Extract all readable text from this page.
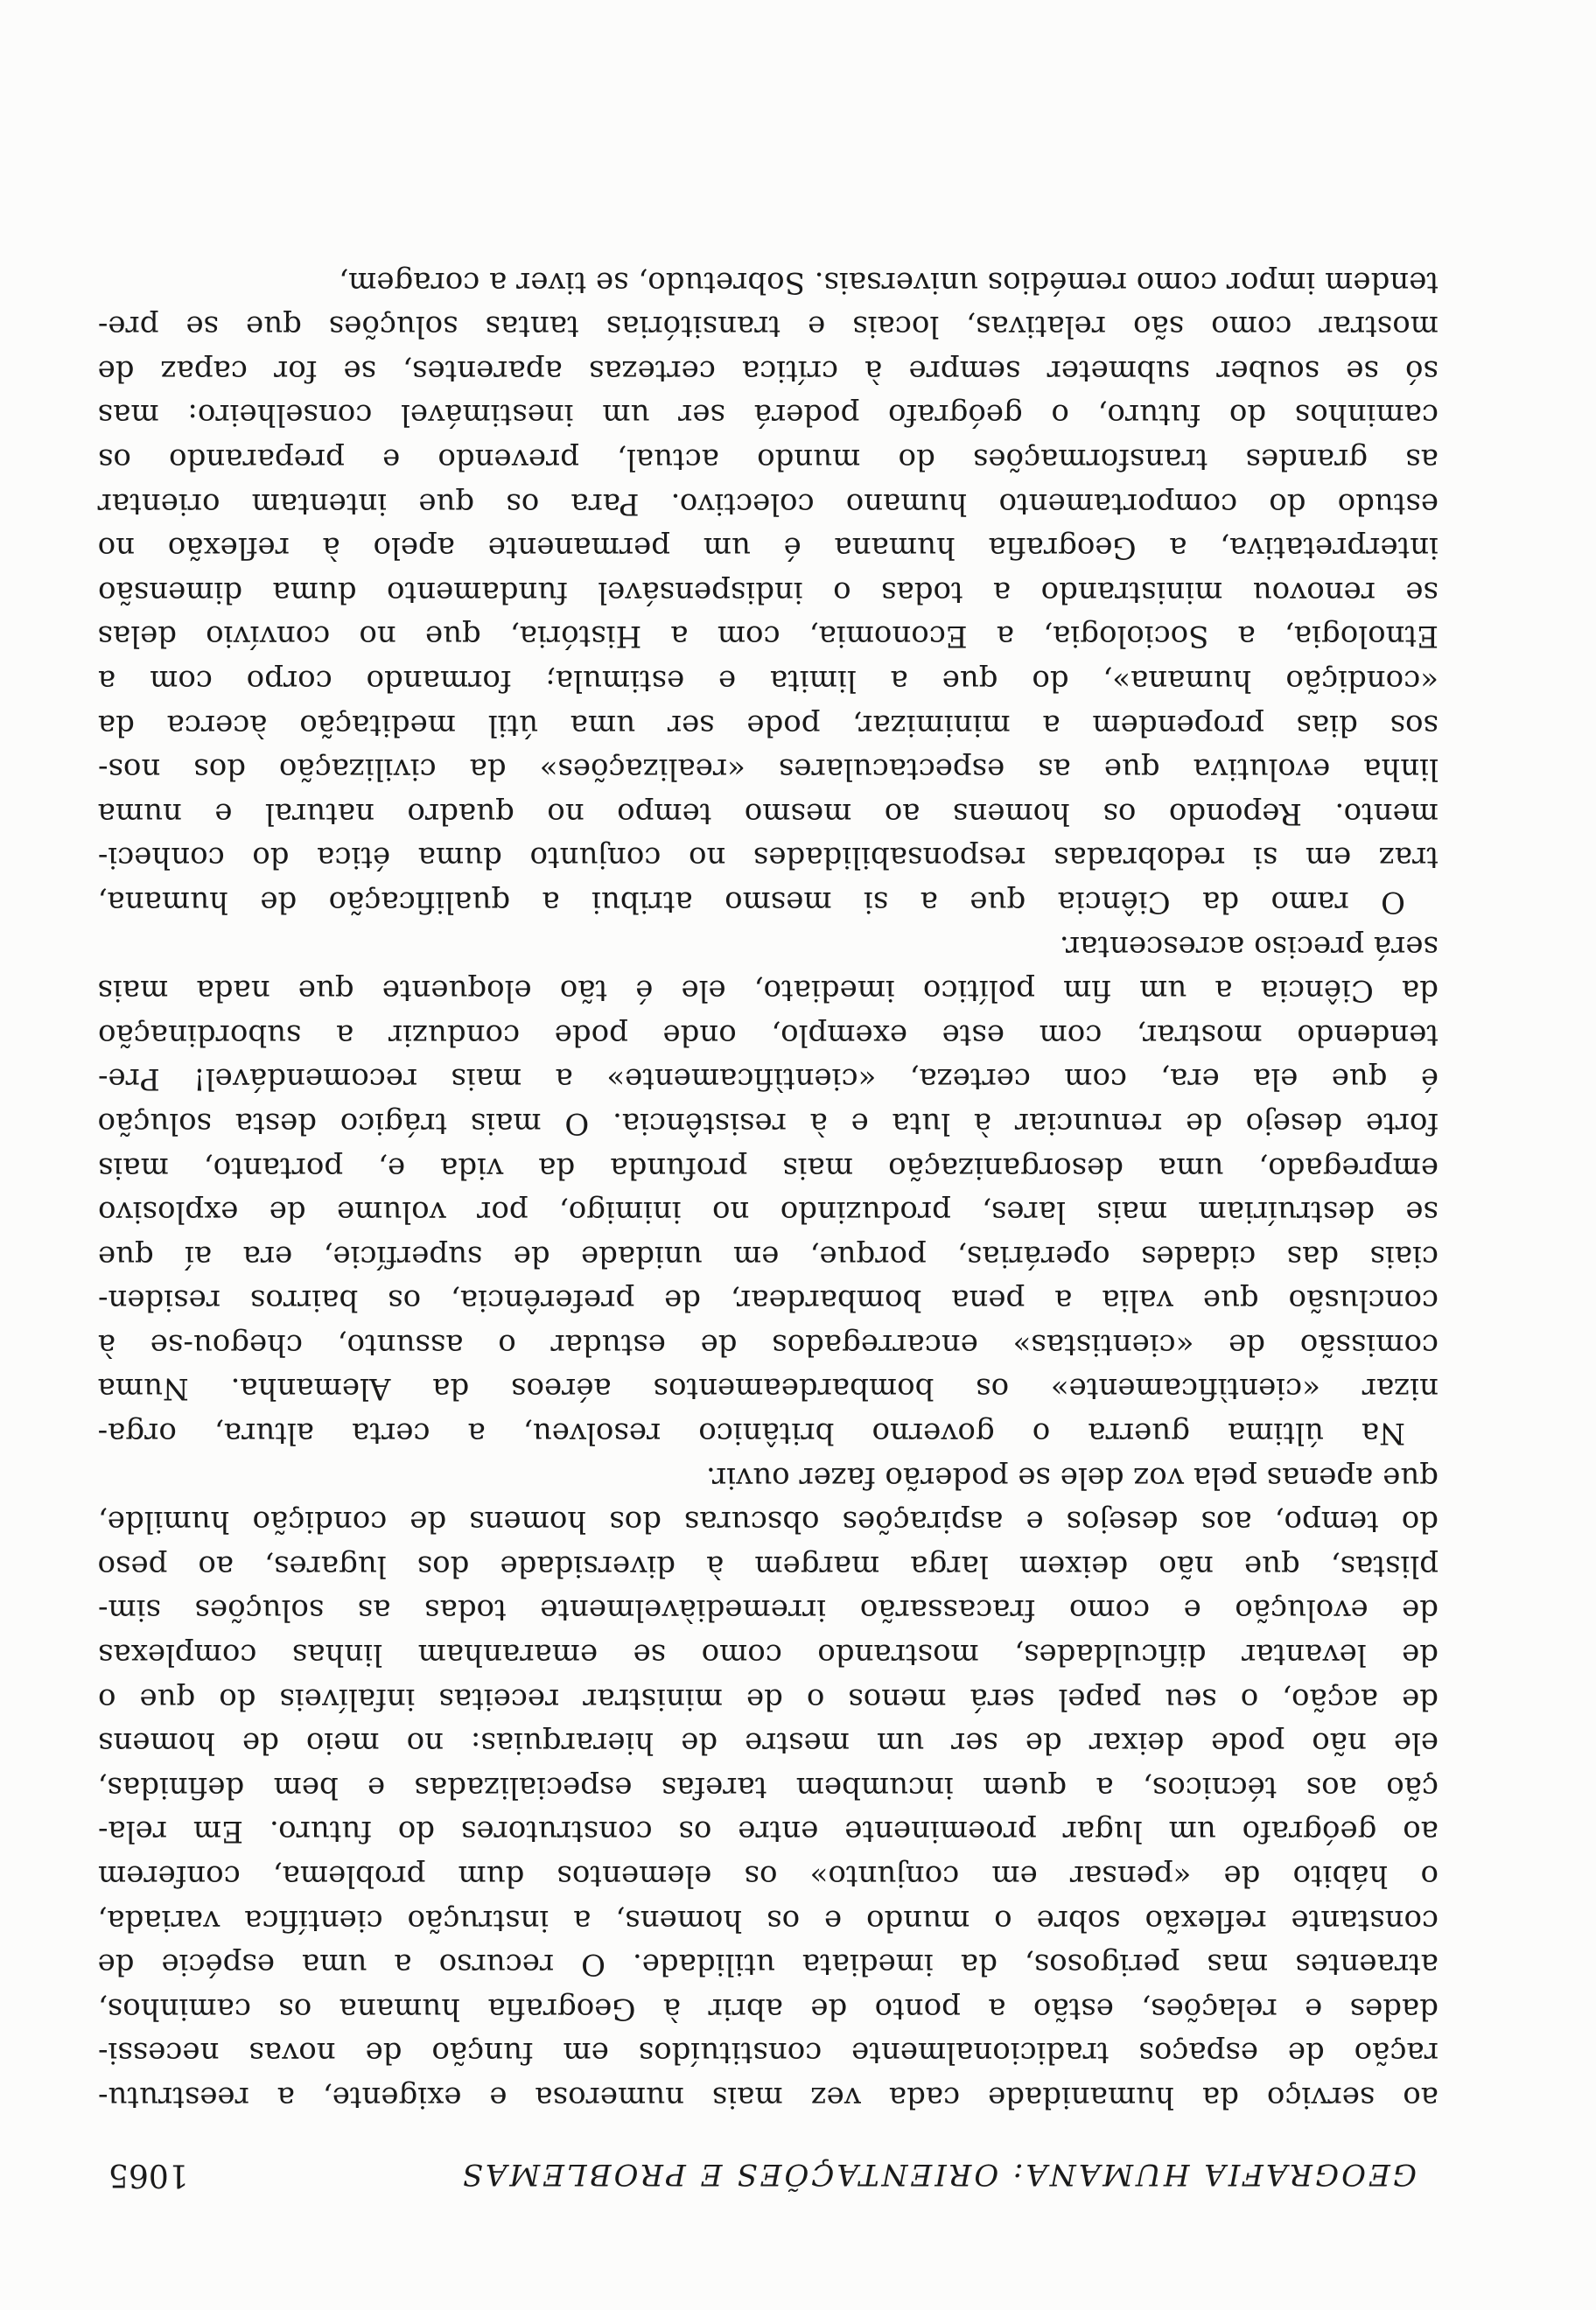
GEOGRAFIA HUMANA: ORIENTAÇÕES E PROBLEMAS
1065
ao serviço da humanidade cada vez mais numerosa e exigente, a reestrutu-
ração de espaços tradicionalmente constituídos em função de novas necessi-
dades e relações, estão a ponto de abrir à Geografia humana os caminhos,
atraentes mas perigosos, da imediata utilidade. O recurso a uma espécie de
constante reflexão sobre o mundo e os homens, a instrução científica variada,
o hábito de «pensar em conjunto» os elementos dum problema, conferem
ao geógrafo um lugar proeminente entre os construtores do futuro. Em rela-
ção aos técnicos, a quem incumbem tarefas especializadas e bem definidas,
ele não pode deixar de ser um mestre de hierarquias: no meio de homens
de acção, o seu papel será menos o de ministrar receitas infalíveis do que o
de levantar dificuldades, mostrando como se emaranham linhas complexas
de evolução e como fracassarão irremediàvelmente todas as soluções sim-
plistas, que não deixem larga margem à diversidade dos lugares, ao peso
do tempo, aos desejos e aspirações obscuras dos homens de condição humilde,
que apenas pela voz dele se poderão fazer ouvir.
Na última guerra o governo britânico resolveu, a certa altura, orga-
nizar «cientìficamente» os bombardeamentos aéreos da Alemanha. Numa
comissão de «cientistas» encarregados de estudar o assunto, chegou-se à
conclusão que valia a pena bombardear, de preferência, os bairros residen-
ciais das cidades operárias, porque, em unidade de superfície, era aí que
se destruíriam mais lares, produzindo no inimigo, por volume de explosivo
empregado, uma desorganização mais profunda da vida e, portanto, mais
forte desejo de renunciar à luta e à resistência. O mais trágico desta solução
é que ela era, com certeza, «cientìficamente» a mais recomendável! Pre-
tendendo mostrar, com este exemplo, onde pode conduzir a subordinação
da Ciência a um fim político imediato, ele é tão eloquente que nada mais
será preciso acrescentar.
O ramo da Ciência que a si mesmo atribui a qualificação de humana,
traz em si redobradas responsabilidades no conjunto duma ética do conheci-
mento. Repondo os homens ao mesmo tempo no quadro natural e numa
linha evolutiva que as espectaculares «realizações» da civilização dos nos-
sos dias propendem a minimizar, pode ser uma útil meditação àcerca da
«condição humana», do que a limita e estimula; formando corpo com a
Etnologia, a Sociologia, a Economia, com a História, que no convívio delas
se renovou ministrando a todas o indispensável fundamento duma dimensão
interpretativa, a Geografia humana é um permanente apelo à reflexão no
estudo do comportamento humano colectivo. Para os que intentam orientar
as grandes transformações do mundo actual, prevendo e preparando os
caminhos do futuro, o geógrafo poderá ser um inestimável conselheiro: mas
só se souber submeter sempre à crítica certezas aparentes, se for capaz de
mostrar como são relativas, locais e transitórias tantas soluções que se pre-
tendem impor como remédios universais. Sobretudo, se tiver a coragem,
